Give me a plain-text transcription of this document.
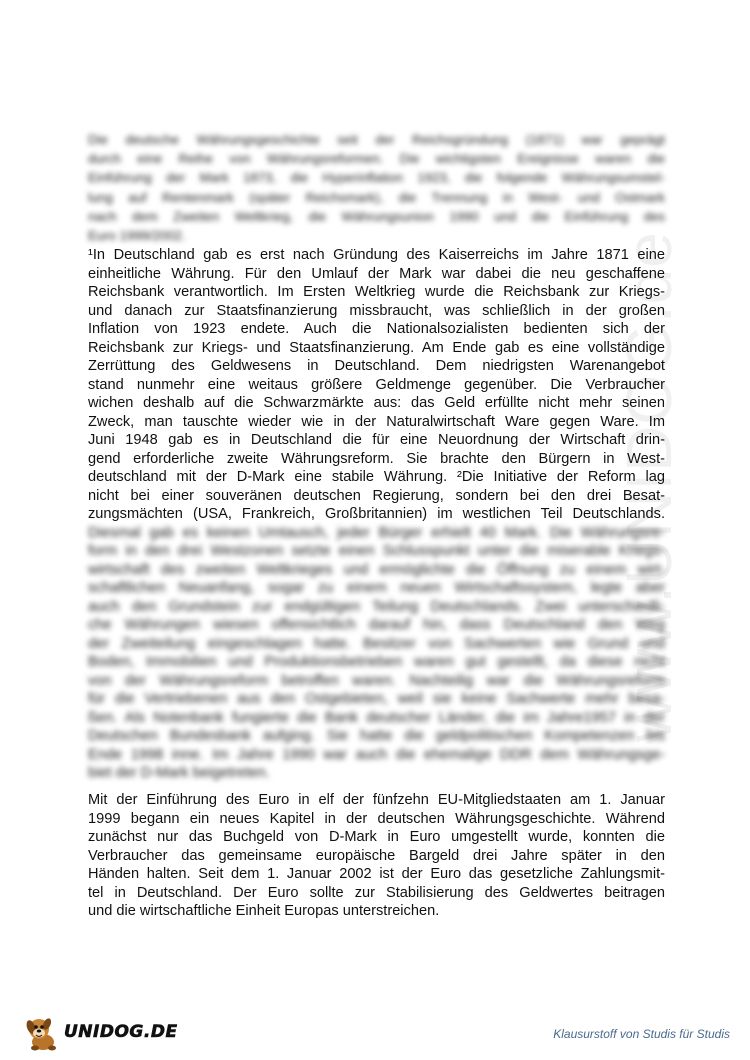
www.UNIDOG.de
Die deutsche Währungsgeschichte seit der Reichsgründung (1871) war geprägt
durch eine Reihe von Währungsreformen. Die wichtigsten Ereignisse waren die
Einführung der Mark 1873, die Hyperinflation 1923, die folgende Währungsumstel-
lung auf Rentenmark (später Reichsmark), die Trennung in West- und Ostmark
nach dem Zweiten Weltkrieg, die Währungsunion 1990 und die Einführung des
Euro 1999/2002.
¹In Deutschland gab es erst nach Gründung des Kaiserreichs im Jahre 1871 eine
einheitliche Währung. Für den Umlauf der Mark war dabei die neu geschaffene
Reichsbank verantwortlich. Im Ersten Weltkrieg wurde die Reichsbank zur Kriegs-
und danach zur Staatsfinanzierung missbraucht, was schließlich in der großen
Inflation von 1923 endete. Auch die Nationalsozialisten bedienten sich der
Reichsbank zur Kriegs- und Staatsfinanzierung. Am Ende gab es eine vollständige
Zerrüttung des Geldwesens in Deutschland. Dem niedrigsten Warenangebot
stand nunmehr eine weitaus größere Geldmenge gegenüber. Die Verbraucher
wichen deshalb auf die Schwarzmärkte aus: das Geld erfüllte nicht mehr seinen
Zweck, man tauschte wieder wie in der Naturalwirtschaft Ware gegen Ware. Im
Juni 1948 gab es in Deutschland die für eine Neuordnung der Wirtschaft drin-
gend erforderliche zweite Währungsreform. Sie brachte den Bürgern in West-
deutschland mit der D-Mark eine stabile Währung. ²Die Initiative der Reform lag
nicht bei einer souveränen deutschen Regierung, sondern bei den drei Besat-
zungsmächten (USA, Frankreich, Großbritannien) im westlichen Teil Deutschlands.
Diesmal gab es keinen Umtausch, jeder Bürger erhielt 40 Mark. Die Währungsre-
form in den drei Westzonen setzte einen Schlusspunkt unter die miserable Kriegs-
wirtschaft des zweiten Weltkrieges und ermöglichte die Öffnung zu einem wirt-
schaftlichen Neuanfang, sogar zu einem neuen Wirtschaftssystem, legte aber
auch den Grundstein zur endgültigen Teilung Deutschlands. Zwei unterschiedli-
che Währungen wiesen offensichtlich darauf hin, dass Deutschland den Weg
der Zweiteilung eingeschlagen hatte. Besitzer von Sachwerten wie Grund und
Boden, Immobilien und Produktionsbetrieben waren gut gestellt, da diese nicht
von der Währungsreform betroffen waren. Nachteilig war die Währungsreform
für die Vertriebenen aus den Ostgebieten, weil sie keine Sachwerte mehr besa-
ßen. Als Notenbank fungierte die Bank deutscher Länder, die im Jahre1957 in der
Deutschen Bundesbank aufging. Sie hatte die geldpolitischen Kompetenzen bis
Ende 1998 inne. Im Jahre 1990 war auch die ehemalige DDR dem Währungsge-
biet der D-Mark beigetreten.
Mit der Einführung des Euro in elf der fünfzehn EU-Mitgliedstaaten am 1. Januar
1999 begann ein neues Kapitel in der deutschen Währungsgeschichte. Während
zunächst nur das Buchgeld von D-Mark in Euro umgestellt wurde, konnten die
Verbraucher das gemeinsame europäische Bargeld drei Jahre später in den
Händen halten. Seit dem 1. Januar 2002 ist der Euro das gesetzliche Zahlungsmit-
tel in Deutschland. Der Euro sollte zur Stabilisierung des Geldwertes beitragen
und die wirtschaftliche Einheit Europas unterstreichen.
UNIDOG.DE	Klausurstoff von Studis für Studis
